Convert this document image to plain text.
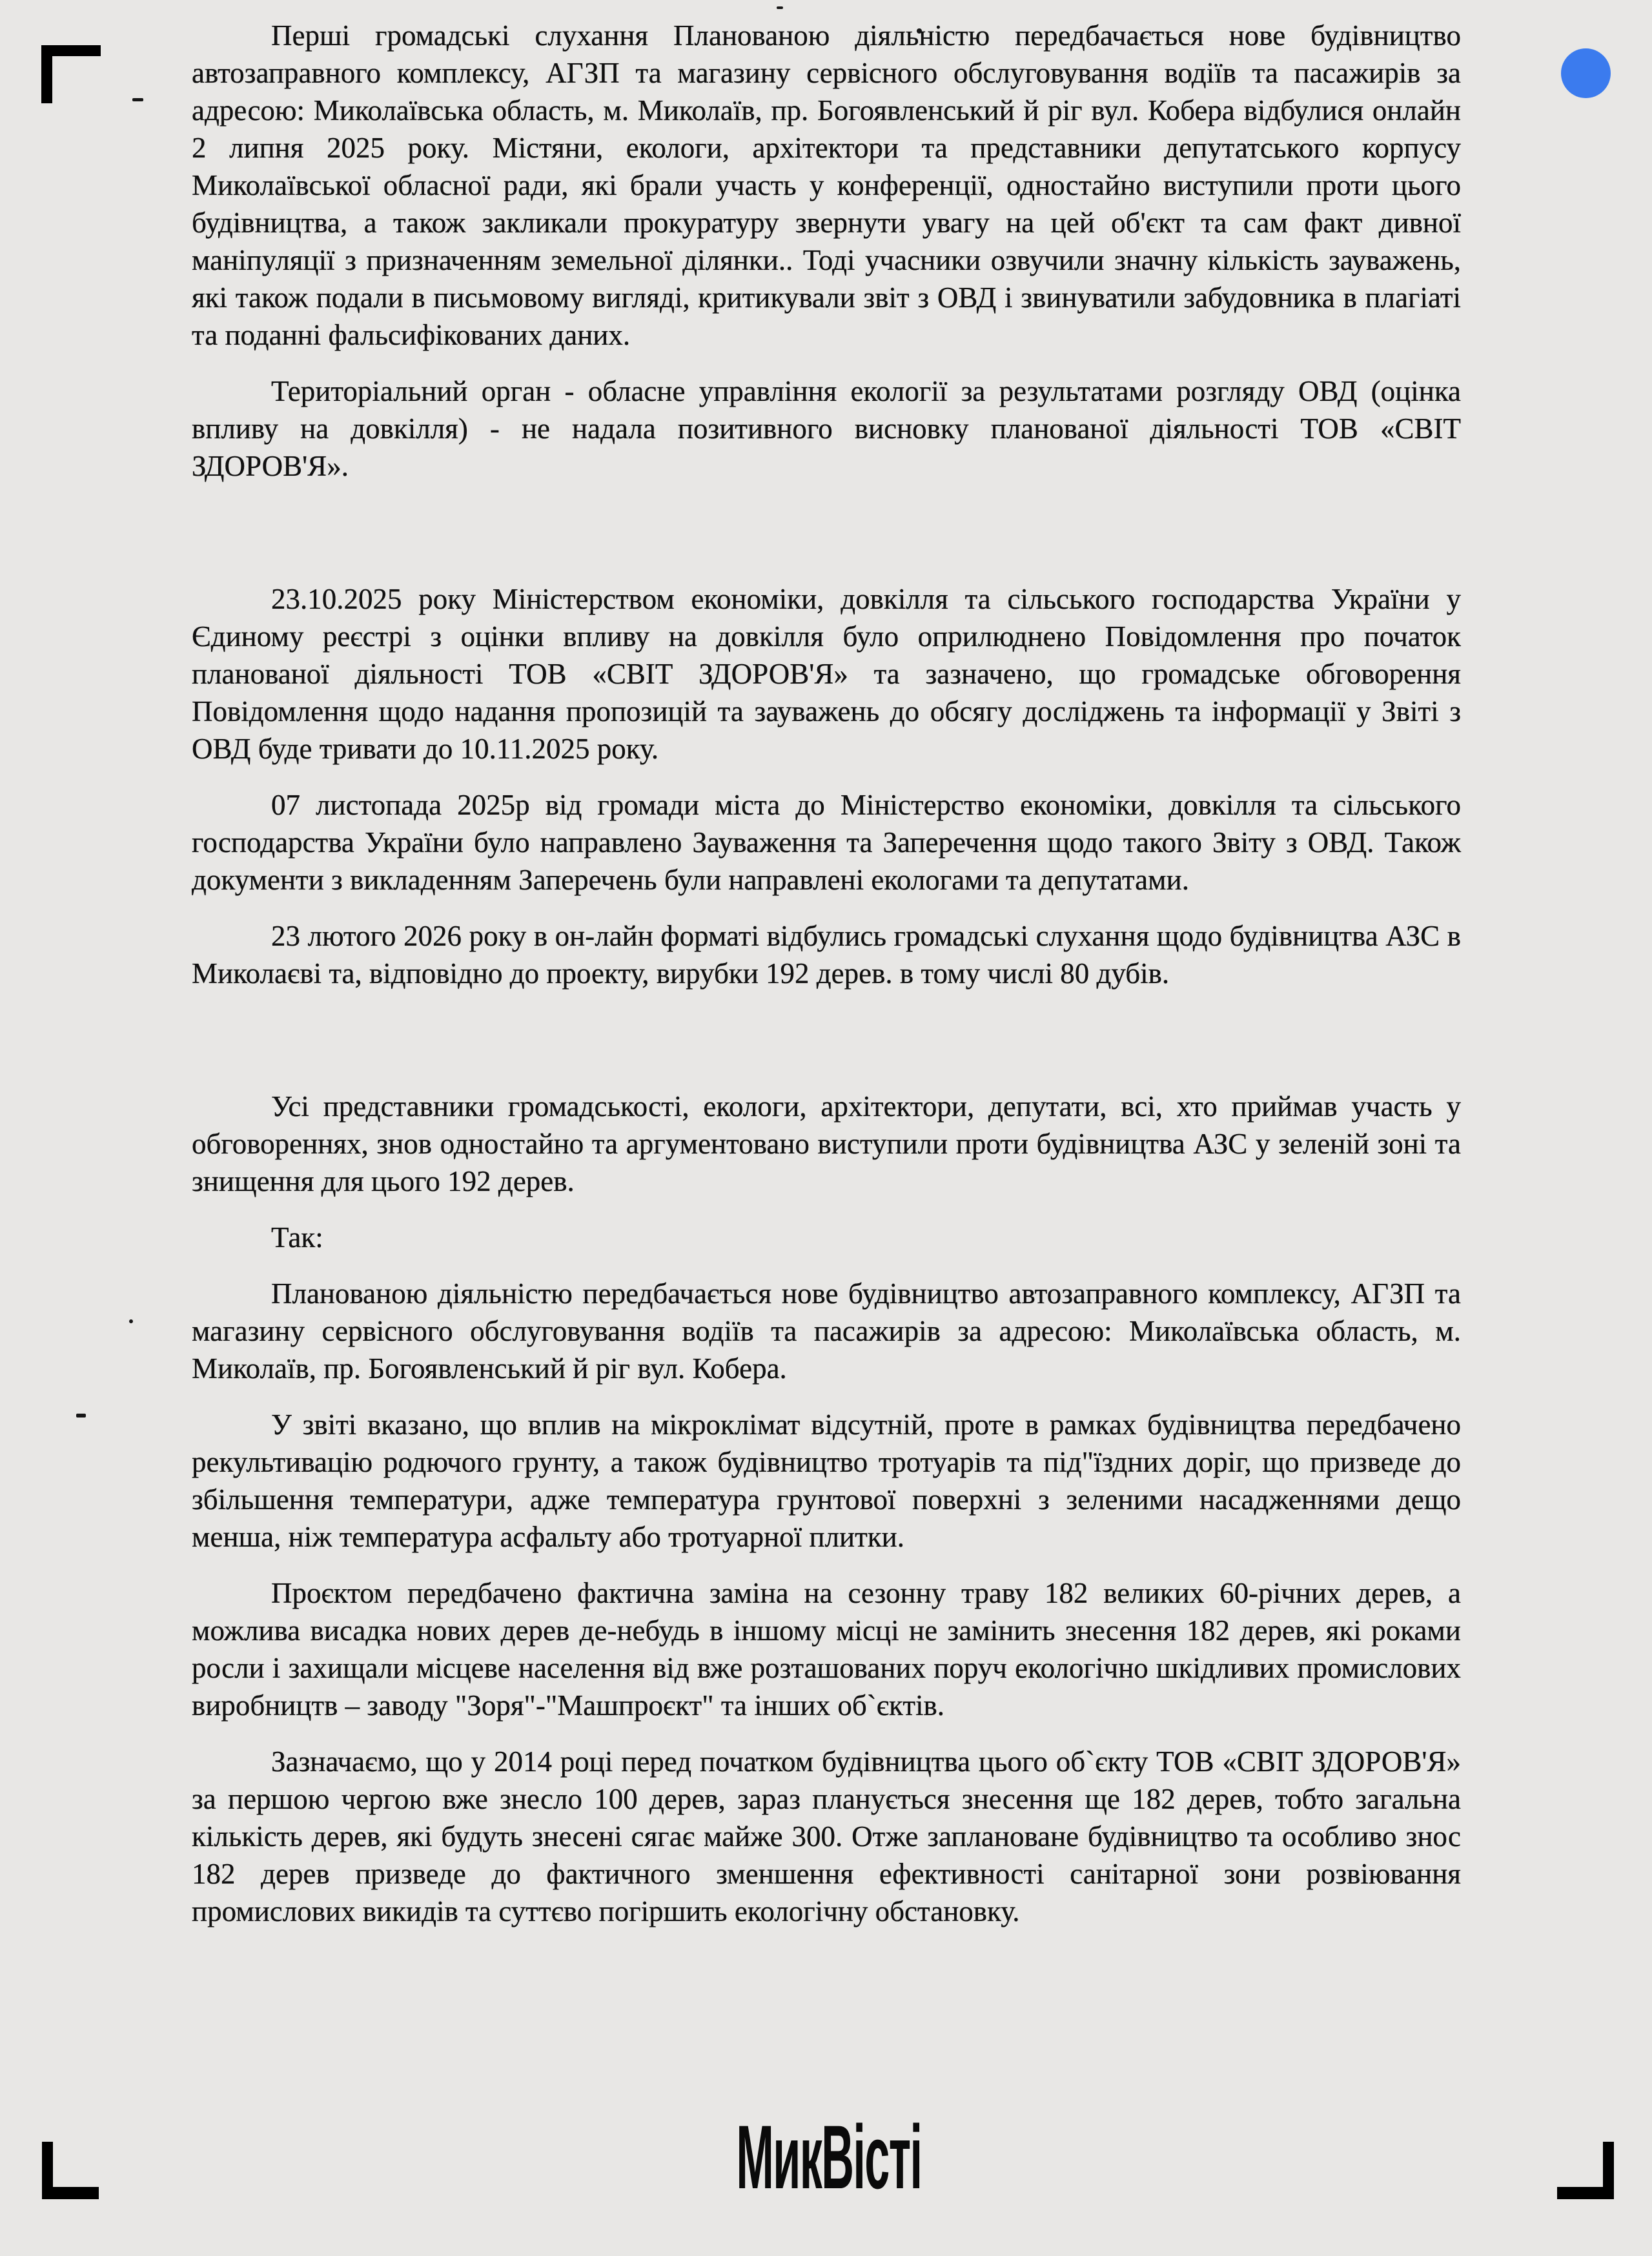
Перші громадські слухання Планованою діяльністю передбачається нове будівництво автозаправного комплексу, АГЗП та магазину сервісного обслуговування водіїв та пасажирів за адресою: Миколаївська область, м. Миколаїв, пр. Богоявленський й ріг вул. Кобера відбулися онлайн 2 липня 2025 року. Містяни, екологи, архітектори та представники депутатського корпусу Миколаївської обласної ради, які брали участь у конференції, одностайно виступили проти цього будівництва, а також закликали прокуратуру звернути увагу на цей об'єкт та сам факт дивної маніпуляції з призначенням земельної ділянки.. Тоді учасники озвучили значну кількість зауважень, які також подали в письмовому вигляді, критикували звіт з ОВД і звинуватили забудовника в плагіаті та поданні фальсифікованих даних.

Територіальний орган - обласне управління екології за результатами розгляду ОВД (оцінка впливу на довкілля) - не надала позитивного висновку планованої діяльності ТОВ «СВІТ ЗДОРОВ'Я».

23.10.2025 року Міністерством економіки, довкілля та сільського господарства України у Єдиному реєстрі з оцінки впливу на довкілля було оприлюднено Повідомлення про початок планованої діяльності ТОВ «СВІТ ЗДОРОВ'Я» та зазначено, що громадське обговорення Повідомлення щодо надання пропозицій та зауважень до обсягу досліджень та інформації у Звіті з ОВД буде тривати до 10.11.2025 року.

07 листопада 2025р від громади міста до Міністерство економіки, довкілля та сільського господарства України було направлено Зауваження та Заперечення щодо такого Звіту з ОВД. Також документи з викладенням Заперечень були направлені екологами та депутатами.

23 лютого 2026 року в он-лайн форматі відбулись громадські слухання щодо будівництва АЗС в Миколаєві та, відповідно до проекту, вирубки 192 дерев. в тому числі 80 дубів.

Усі представники громадськості, екологи, архітектори, депутати, всі, хто приймав участь у обговореннях, знов одностайно та аргументовано виступили проти будівництва АЗС у зеленій зоні та знищення для цього 192 дерев.

Так:

Планованою діяльністю передбачається нове будівництво автозаправного комплексу, АГЗП та магазину сервісного обслуговування водіїв та пасажирів за адресою: Миколаївська область, м. Миколаїв, пр. Богоявленський й ріг вул. Кобера.

У звіті вказано, що вплив на мікроклімат відсутній, проте в рамках будівництва передбачено рекультивацію родючого грунту, а також будівництво тротуарів та під"їздних доріг, що призведе до збільшення температури, адже температура грунтової поверхні з зеленими насадженнями дещо менша, ніж температура асфальту або тротуарної плитки.

Проєктом передбачено фактична заміна на сезонну траву 182 великих 60-річних дерев, а можлива висадка нових дерев де-небудь в іншому місці не замінить знесення 182 дерев, які роками росли і захищали місцеве населення від вже розташованих поруч екологічно шкідливих промислових виробництв – заводу "Зоря"-"Машпроєкт" та інших об`єктів.

Зазначаємо, що у 2014 році перед початком будівництва цього об`єкту ТОВ «СВІТ ЗДОРОВ'Я» за першою чергою вже знесло 100 дерев, зараз планується знесення ще 182 дерев, тобто загальна кількість дерев, які будуть знесені сягає майже 300. Отже заплановане будівництво та особливо знос 182 дерев призведе до фактичного зменшення ефективності санітарної зони розвіювання промислових викидів та суттєво погіршить екологічну обстановку.

МикВісті
